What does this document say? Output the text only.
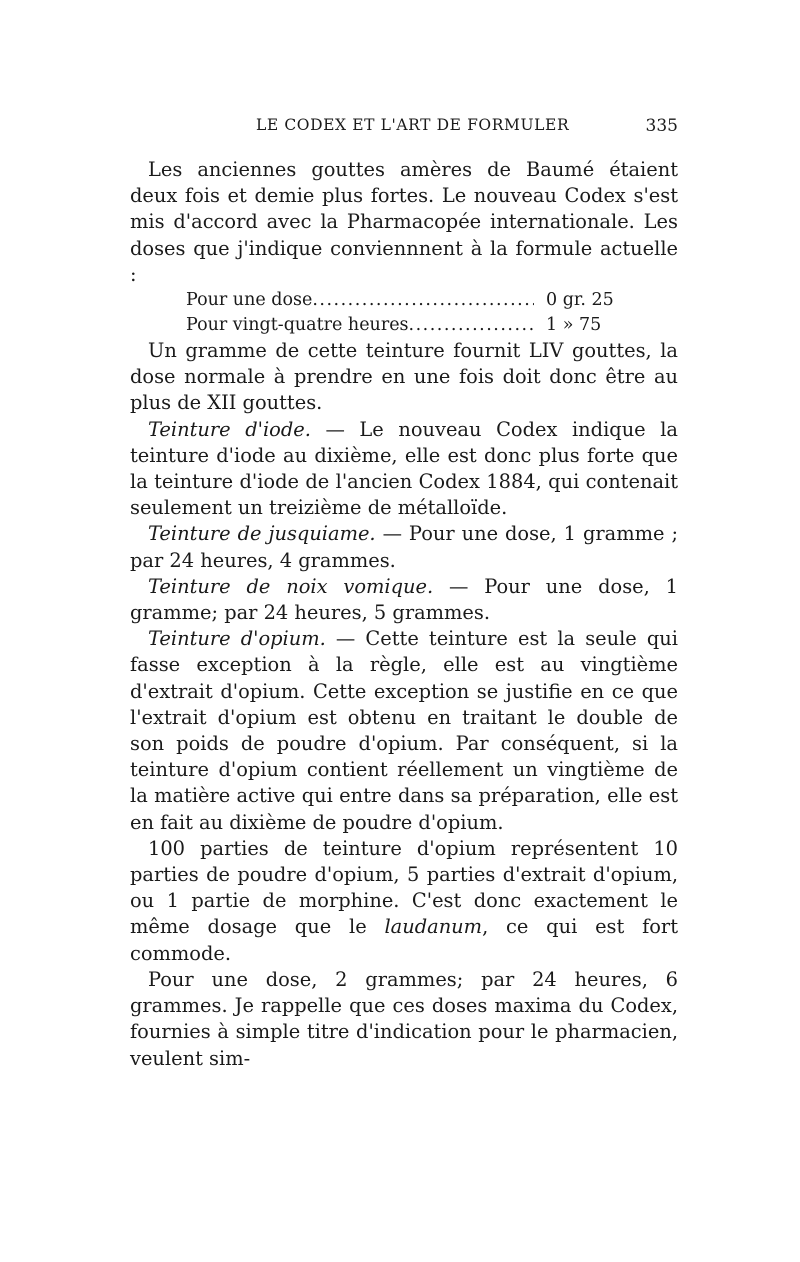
LE CODEX ET L'ART DE FORMULER	335

Les anciennes gouttes amères de Baumé étaient deux fois et demie plus fortes. Le nouveau Codex s'est mis d'accord avec la Pharmacopée internationale. Les doses que j'indique conviennnent à la formule actuelle :

Pour une dose .....	0 gr. 25
Pour vingt-quatre heures .....	1 » 75

Un gramme de cette teinture fournit LIV gouttes, la dose normale à prendre en une fois doit donc être au plus de XII gouttes.

Teinture d'iode. — Le nouveau Codex indique la teinture d'iode au dixième, elle est donc plus forte que la teinture d'iode de l'ancien Codex 1884, qui contenait seulement un treizième de métalloïde.

Teinture de jusquiame. — Pour une dose, 1 gramme ; par 24 heures, 4 grammes.

Teinture de noix vomique. — Pour une dose, 1 gramme; par 24 heures, 5 grammes.

Teinture d'opium. — Cette teinture est la seule qui fasse exception à la règle, elle est au vingtième d'extrait d'opium. Cette exception se justifie en ce que l'extrait d'opium est obtenu en traitant le double de son poids de poudre d'opium. Par conséquent, si la teinture d'opium contient réellement un vingtième de la matière active qui entre dans sa préparation, elle est en fait au dixième de poudre d'opium.

100 parties de teinture d'opium représentent 10 parties de poudre d'opium, 5 parties d'extrait d'opium, ou 1 partie de morphine. C'est donc exactement le même dosage que le laudanum, ce qui est fort commode.

Pour une dose, 2 grammes; par 24 heures, 6 grammes. Je rappelle que ces doses maxima du Codex, fournies à simple titre d'indication pour le pharmacien, veulent sim-
